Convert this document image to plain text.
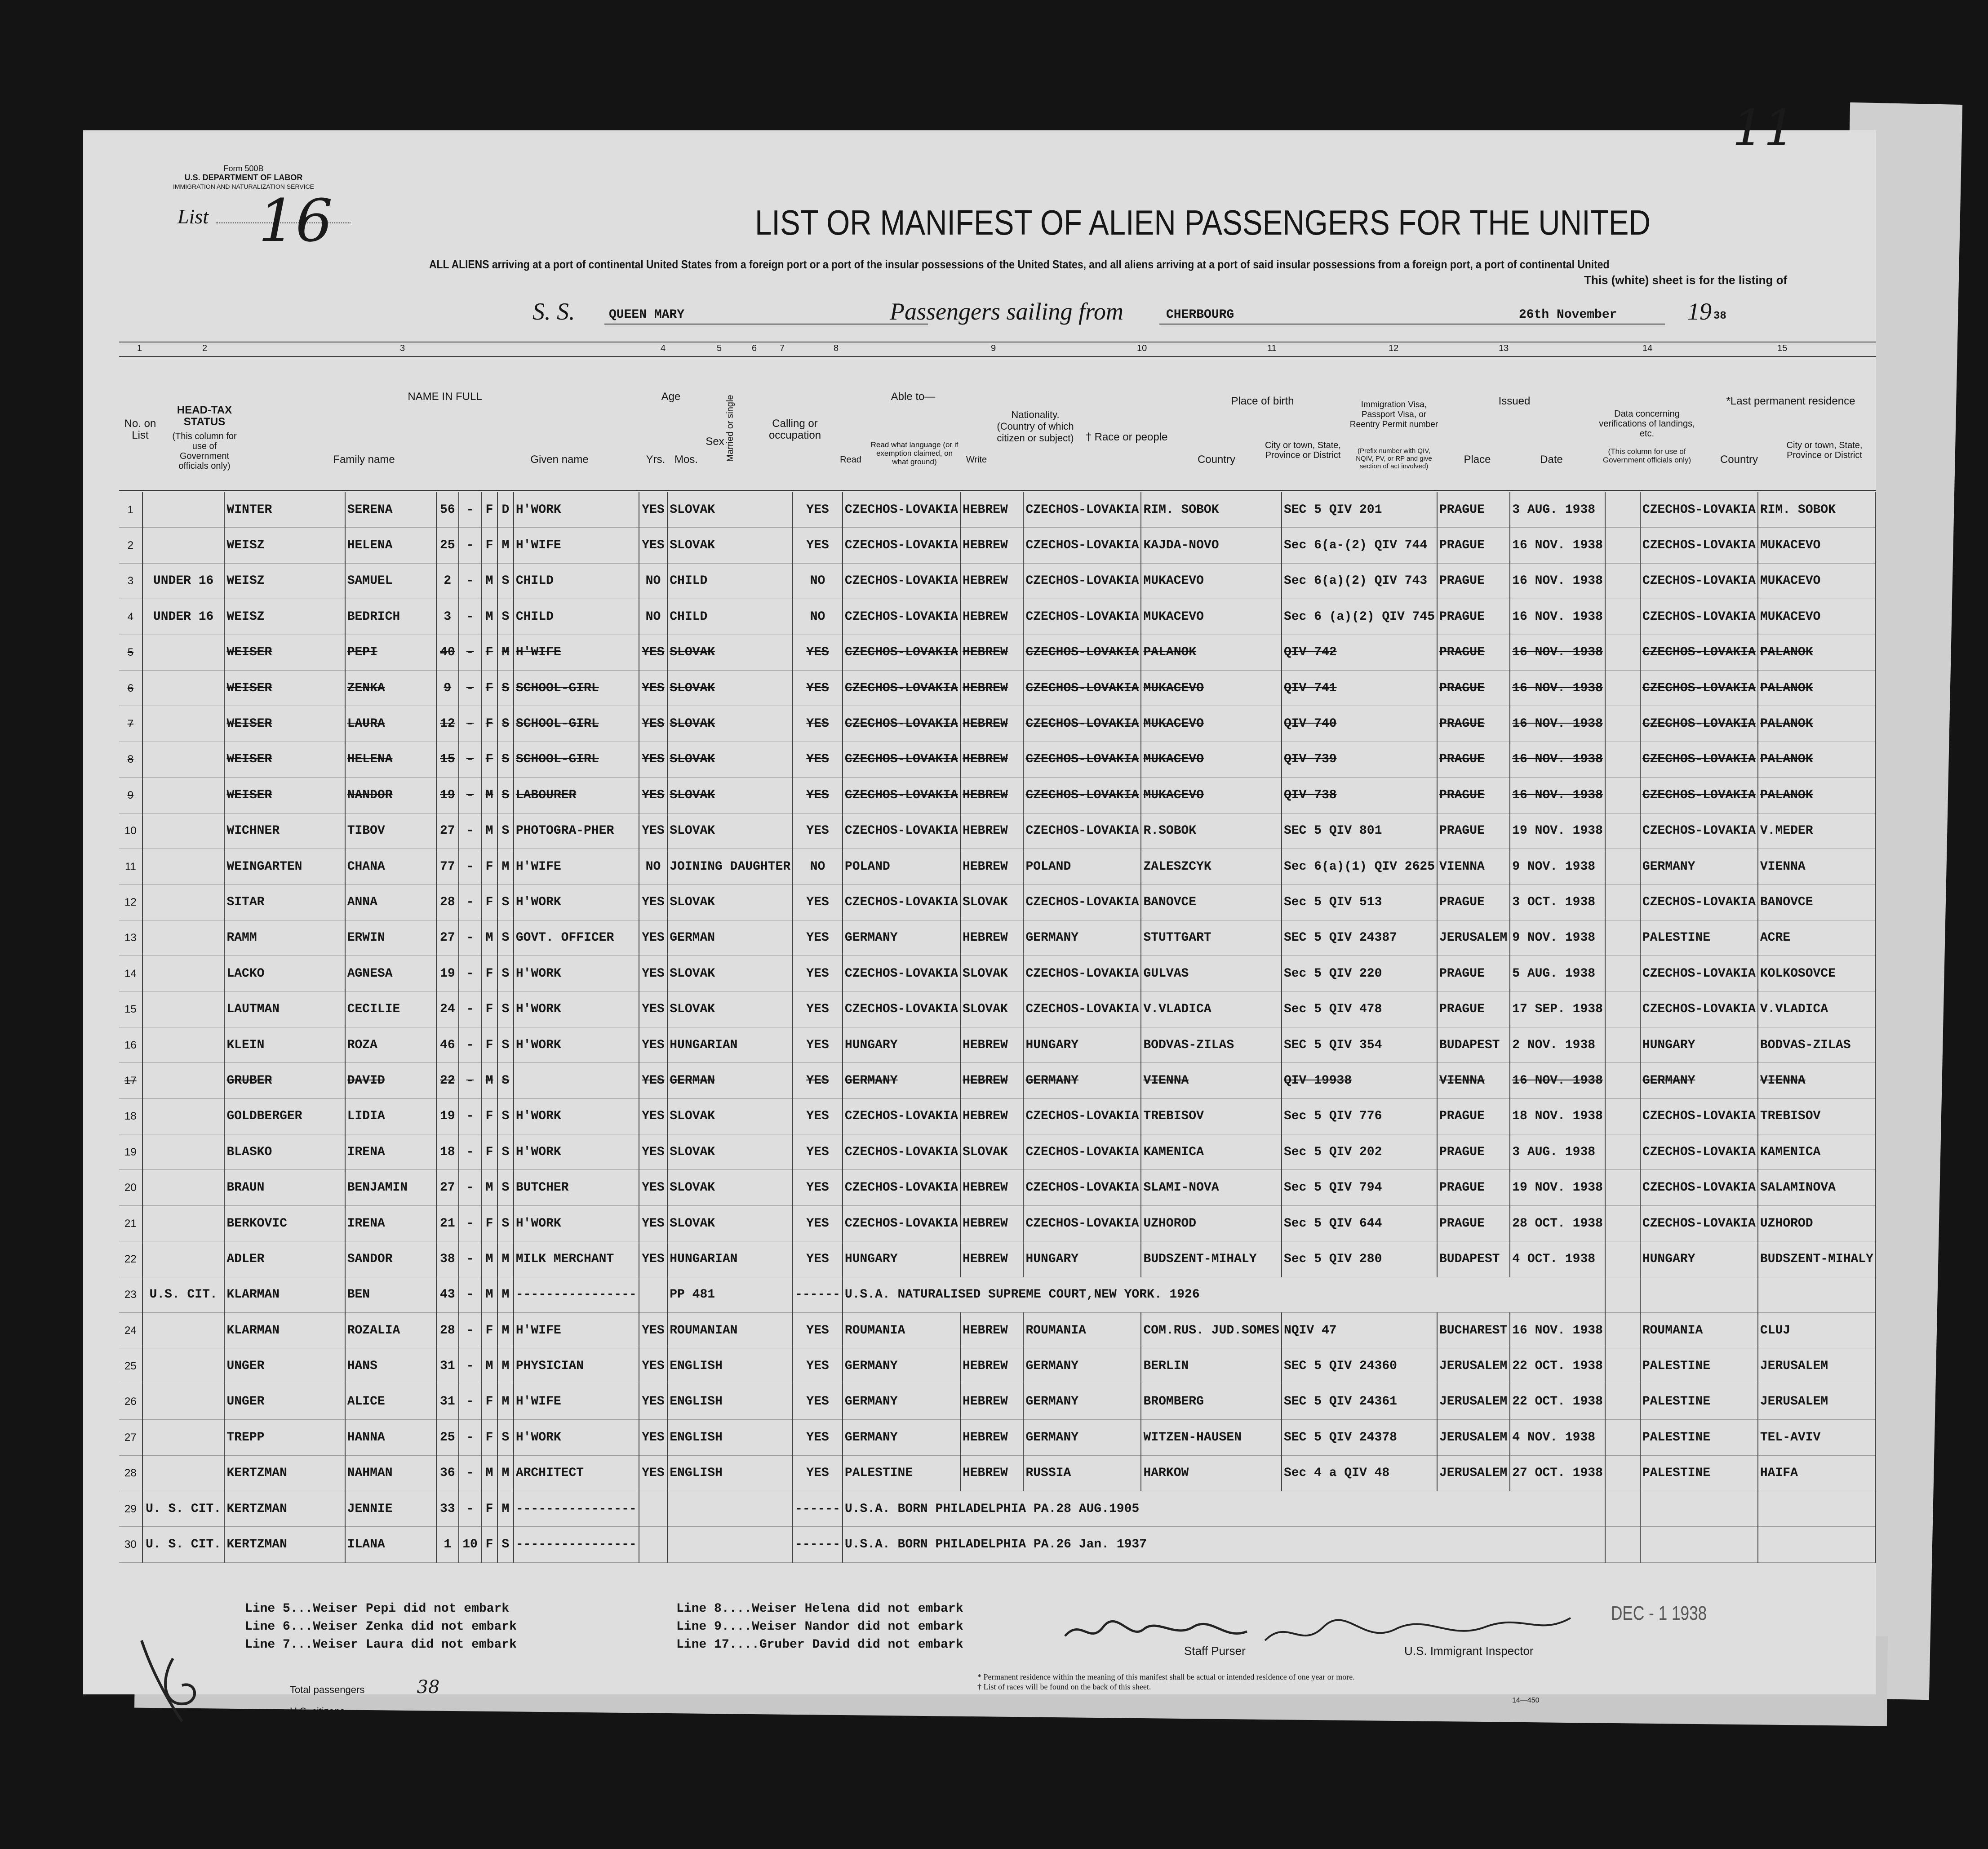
Form 500B
U.S. DEPARTMENT OF LABOR
IMMIGRATION AND NATURALIZATION SERVICE
List 16
11
LIST OR MANIFEST OF ALIEN PASSENGERS FOR THE UNITED
ALL ALIENS arriving at a port of continental United States from a foreign port or a port of the insular possessions of the United States, and all aliens arriving at a port of said insular possessions from a foreign port, a port of continental United
This (white) sheet is for the listing of
S. S.	QUEEN MARY	Passengers sailing from	CHERBOURG	26th November	19 38
1	2	3	4	5	6	7	8	9	10	11	12	13	14	15
No. on List
HEAD-TAX STATUS
(This column for use of Government officials only)
NAME IN FULL
Family name	Given name
Age
Yrs. Mos.
Sex Married or single	Calling or occupation
Able to—
Read
Read what language (or if exemption claimed, on what ground)	Write
Nationality. (Country of which citizen or subject)	† Race or people
Place of birth
Country
City or town, State, Province or District
Immigration Visa, Passport Visa, or Reentry Permit number
(Prefix number with QIV, NQIV, PV, or RP and give section of act involved)
Issued
Place	Date
Data concerning verifications of landings, etc.
(This column for use of Government officials only)
*Last permanent residence
Country
City or town, State, Province or District
1		WINTER	SERENA	56	-	F	D	H'WORK	YES	SLOVAK	YES	CZECHOS-LOVAKIA	HEBREW	CZECHOS-LOVAKIA	RIM. SOBOK	SEC 5 QIV 201	PRAGUE	3 AUG. 1938		CZECHOS-LOVAKIA	RIM. SOBOK
2		WEISZ	HELENA	25	-	F	M	H'WIFE	YES	SLOVAK	YES	CZECHOS-LOVAKIA	HEBREW	CZECHOS-LOVAKIA	KAJDA-NOVO	Sec 6(a-(2) QIV 744	PRAGUE	16 NOV. 1938		CZECHOS-LOVAKIA	MUKACEVO
3	UNDER 16	WEISZ	SAMUEL	2	-	M	S	CHILD	NO	CHILD	NO	CZECHOS-LOVAKIA	HEBREW	CZECHOS-LOVAKIA	MUKACEVO	Sec 6(a)(2) QIV 743	PRAGUE	16 NOV. 1938		CZECHOS-LOVAKIA	MUKACEVO
4	UNDER 16	WEISZ	BEDRICH	3	-	M	S	CHILD	NO	CHILD	NO	CZECHOS-LOVAKIA	HEBREW	CZECHOS-LOVAKIA	MUKACEVO	Sec 6 (a)(2) QIV 745	PRAGUE	16 NOV. 1938		CZECHOS-LOVAKIA	MUKACEVO
5		WEISER	PEPI	40	-	F	M	H'WIFE	YES	SLOVAK	YES	CZECHOS-LOVAKIA	HEBREW	CZECHOS-LOVAKIA	PALANOK	QIV 742	PRAGUE	16 NOV. 1938		CZECHOS-LOVAKIA	PALANOK
6		WEISER	ZENKA	9	-	F	S	SCHOOL-GIRL	YES	SLOVAK	YES	CZECHOS-LOVAKIA	HEBREW	CZECHOS-LOVAKIA	MUKACEVO	QIV 741	PRAGUE	16 NOV. 1938		CZECHOS-LOVAKIA	PALANOK
7		WEISER	LAURA	12	-	F	S	SCHOOL-GIRL	YES	SLOVAK	YES	CZECHOS-LOVAKIA	HEBREW	CZECHOS-LOVAKIA	MUKACEVO	QIV 740	PRAGUE	16 NOV. 1938		CZECHOS-LOVAKIA	PALANOK
8		WEISER	HELENA	15	-	F	S	SCHOOL-GIRL	YES	SLOVAK	YES	CZECHOS-LOVAKIA	HEBREW	CZECHOS-LOVAKIA	MUKACEVO	QIV 739	PRAGUE	16 NOV. 1938		CZECHOS-LOVAKIA	PALANOK
9		WEISER	NANDOR	19	-	M	S	LABOURER	YES	SLOVAK	YES	CZECHOS-LOVAKIA	HEBREW	CZECHOS-LOVAKIA	MUKACEVO	QIV 738	PRAGUE	16 NOV. 1938		CZECHOS-LOVAKIA	PALANOK
10		WICHNER	TIBOV	27	-	M	S	PHOTOGRA-PHER	YES	SLOVAK	YES	CZECHOS-LOVAKIA	HEBREW	CZECHOS-LOVAKIA	R.SOBOK	SEC 5 QIV 801	PRAGUE	19 NOV. 1938		CZECHOS-LOVAKIA	V.MEDER
11		WEINGARTEN	CHANA	77	-	F	M	H'WIFE	NO	JOINING DAUGHTER	NO	POLAND	HEBREW	POLAND	ZALESZCYK	Sec 6(a)(1) QIV 2625	VIENNA	9 NOV. 1938		GERMANY	VIENNA
12		SITAR	ANNA	28	-	F	S	H'WORK	YES	SLOVAK	YES	CZECHOS-LOVAKIA	SLOVAK	CZECHOS-LOVAKIA	BANOVCE	Sec 5 QIV 513	PRAGUE	3 OCT. 1938		CZECHOS-LOVAKIA	BANOVCE
13		RAMM	ERWIN	27	-	M	S	GOVT. OFFICER	YES	GERMAN	YES	GERMANY	HEBREW	GERMANY	STUTTGART	SEC 5 QIV 24387	JERUSALEM	9 NOV. 1938		PALESTINE	ACRE
14		LACKO	AGNESA	19	-	F	S	H'WORK	YES	SLOVAK	YES	CZECHOS-LOVAKIA	SLOVAK	CZECHOS-LOVAKIA	GULVAS	Sec 5 QIV 220	PRAGUE	5 AUG. 1938		CZECHOS-LOVAKIA	KOLKOSOVCE
15		LAUTMAN	CECILIE	24	-	F	S	H'WORK	YES	SLOVAK	YES	CZECHOS-LOVAKIA	SLOVAK	CZECHOS-LOVAKIA	V.VLADICA	Sec 5 QIV 478	PRAGUE	17 SEP. 1938		CZECHOS-LOVAKIA	V.VLADICA
16		KLEIN	ROZA	46	-	F	S	H'WORK	YES	HUNGARIAN	YES	HUNGARY	HEBREW	HUNGARY	BODVAS-ZILAS	SEC 5 QIV 354	BUDAPEST	2 NOV. 1938		HUNGARY	BODVAS-ZILAS
17		GRUBER	DAVID	22	-	M	S		YES	GERMAN	YES	GERMANY	HEBREW	GERMANY	VIENNA	QIV 19938	VIENNA	16 NOV. 1938		GERMANY	VIENNA
18		GOLDBERGER	LIDIA	19	-	F	S	H'WORK	YES	SLOVAK	YES	CZECHOS-LOVAKIA	HEBREW	CZECHOS-LOVAKIA	TREBISOV	Sec 5 QIV 776	PRAGUE	18 NOV. 1938		CZECHOS-LOVAKIA	TREBISOV
19		BLASKO	IRENA	18	-	F	S	H'WORK	YES	SLOVAK	YES	CZECHOS-LOVAKIA	SLOVAK	CZECHOS-LOVAKIA	KAMENICA	Sec 5 QIV 202	PRAGUE	3 AUG. 1938		CZECHOS-LOVAKIA	KAMENICA
20		BRAUN	BENJAMIN	27	-	M	S	BUTCHER	YES	SLOVAK	YES	CZECHOS-LOVAKIA	HEBREW	CZECHOS-LOVAKIA	SLAMI-NOVA	Sec 5 QIV 794	PRAGUE	19 NOV. 1938		CZECHOS-LOVAKIA	SALAMINOVA
21		BERKOVIC	IRENA	21	-	F	S	H'WORK	YES	SLOVAK	YES	CZECHOS-LOVAKIA	HEBREW	CZECHOS-LOVAKIA	UZHOROD	Sec 5 QIV 644	PRAGUE	28 OCT. 1938		CZECHOS-LOVAKIA	UZHOROD
22		ADLER	SANDOR	38	-	M	M	MILK MERCHANT	YES	HUNGARIAN	YES	HUNGARY	HEBREW	HUNGARY	BUDSZENT-MIHALY	Sec 5 QIV 280	BUDAPEST	4 OCT. 1938		HUNGARY	BUDSZENT-MIHALY
23	U.S. CIT.	KLARMAN	BEN	43	-	M	M	----------------		PP 481	------	U.S.A. NATURALISED SUPREME COURT,NEW YORK. 1926									
24		KLARMAN	ROZALIA	28	-	F	M	H'WIFE	YES	ROUMANIAN	YES	ROUMANIA	HEBREW	ROUMANIA	COM.RUS. JUD.SOMES	NQIV 47	BUCHAREST	16 NOV. 1938		ROUMANIA	CLUJ
25		UNGER	HANS	31	-	M	M	PHYSICIAN	YES	ENGLISH	YES	GERMANY	HEBREW	GERMANY	BERLIN	SEC 5 QIV 24360	JERUSALEM	22 OCT. 1938		PALESTINE	JERUSALEM
26		UNGER	ALICE	31	-	F	M	H'WIFE	YES	ENGLISH	YES	GERMANY	HEBREW	GERMANY	BROMBERG	SEC 5 QIV 24361	JERUSALEM	22 OCT. 1938		PALESTINE	JERUSALEM
27		TREPP	HANNA	25	-	F	S	H'WORK	YES	ENGLISH	YES	GERMANY	HEBREW	GERMANY	WITZEN-HAUSEN	SEC 5 QIV 24378	JERUSALEM	4 NOV. 1938		PALESTINE	TEL-AVIV
28		KERTZMAN	NAHMAN	36	-	M	M	ARCHITECT	YES	ENGLISH	YES	PALESTINE	HEBREW	RUSSIA	HARKOW	Sec 4 a QIV 48	JERUSALEM	27 OCT. 1938		PALESTINE	HAIFA
29	U. S. CIT.	KERTZMAN	JENNIE	33	-	F	M	----------------			------	U.S.A. BORN PHILADELPHIA PA.28 AUG.1905									
30	U. S. CIT.	KERTZMAN	ILANA	1	10	F	S	----------------			------	U.S.A. BORN PHILADELPHIA PA.26 Jan. 1937									
Line 5...Weiser Pepi did not embark
Line 6...Weiser Zenka did not embark
Line 7...Weiser Laura did not embark
Line 8....Weiser Helena did not embark
Line 9....Weiser Nandor did not embark
Line 17....Gruber David did not embark	Staff Purser	U.S. Immigrant Inspector
DEC - 1 1938
Total passengers	38
U.S. citizens
Aliens
* Permanent residence within the meaning of this manifest shall be actual or intended residence of one year or more.
† List of races will be found on the back of this sheet.
14—450
